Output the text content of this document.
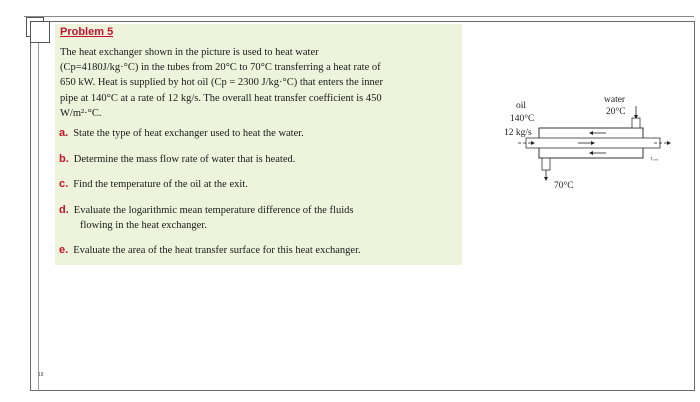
18
Problem 5
The heat exchanger shown in the picture is used to heat water
(Cp=4180J/kg·°C) in the tubes from 20°C to 70°C transferring a heat rate of
650 kW. Heat is supplied by hot oil (Cp = 2300 J/kg·°C) that enters the inner
pipe at 140°C at a rate of 12 kg/s. The overall heat transfer coefficient is 450
W/m²·°C.
a. State the type of heat exchanger used to heat the water.
b. Determine the mass flow rate of water that is heated.
c. Find the temperature of the oil at the exit.
d. Evaluate the logarithmic mean temperature difference of the fluids
flowing in the heat exchanger.
e. Evaluate the area of the heat transfer surface for this heat exchanger.
oil
140°C
12 kg/s
water
20°C
70°C
T₀,ₒᵤₜ
